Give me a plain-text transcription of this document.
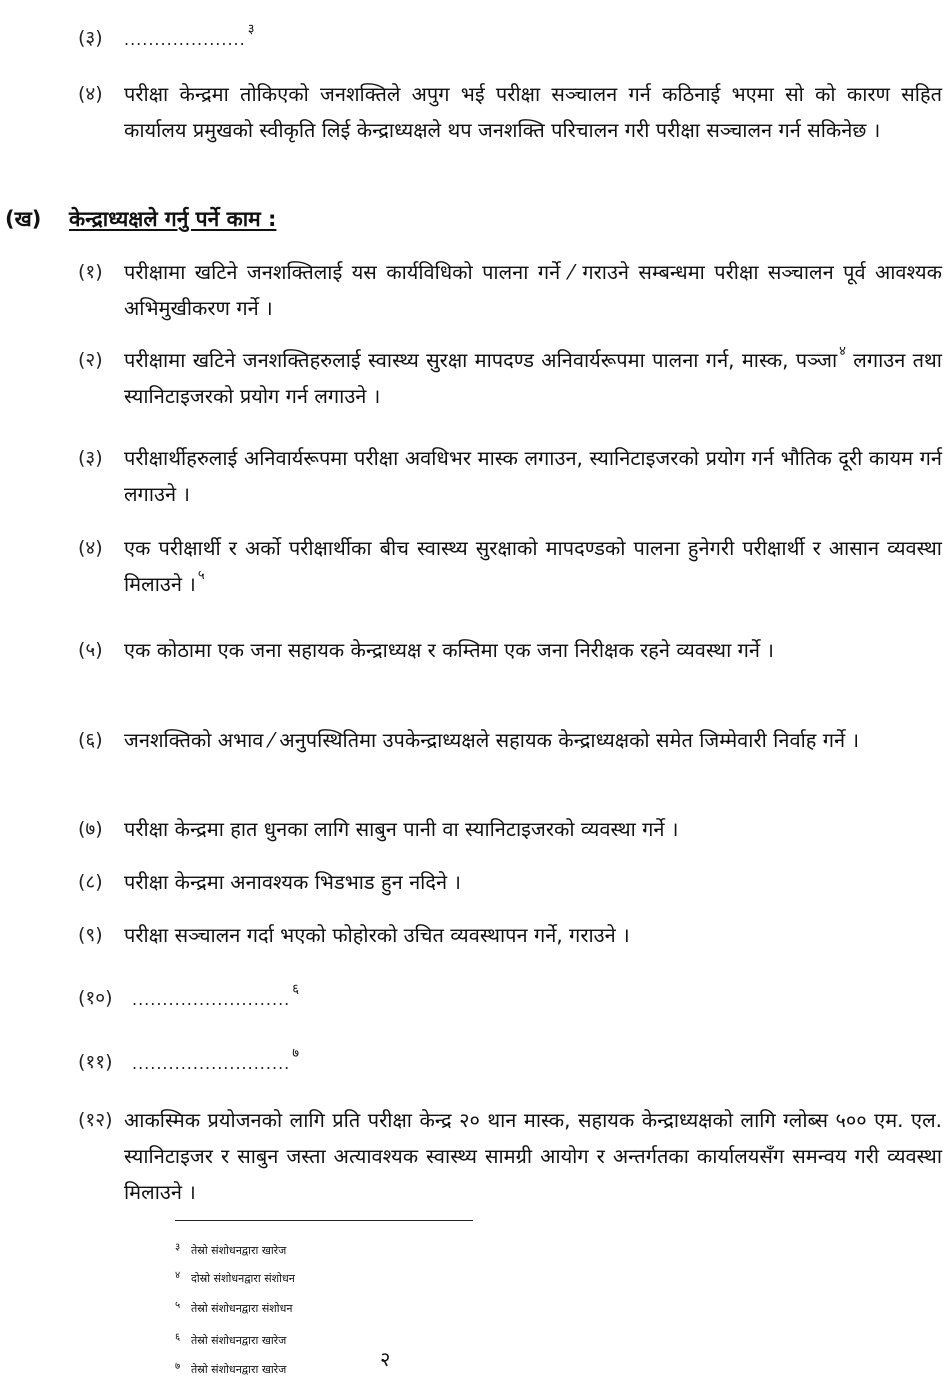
(३) ....................$^३$
(४) परीक्षा केन्द्रमा तोकिएको जनशक्तिले अपुग भई परीक्षा सञ्चालन गर्न कठिनाई भएमा सो को कारण सहित कार्यालय प्रमुखको स्वीकृति लिई केन्द्राध्यक्षले थप जनशक्ति परिचालन गरी परीक्षा सञ्चालन गर्न सकिनेछ ।
(ख) केन्द्राध्यक्षले गर्नु पर्ने काम :
(१) परीक्षामा खटिने जनशक्तिलाई यस कार्यविधिको पालना गर्ने ⁄ गराउने सम्बन्धमा परीक्षा सञ्चालन पूर्व आवश्यक अभिमुखीकरण गर्ने ।
(२) परीक्षामा खटिने जनशक्तिहरुलाई स्वास्थ्य सुरक्षा मापदण्ड अनिवार्यरूपमा पालना गर्न, मास्क, पञ्जा $^४$ लगाउन तथा स्यानिटाइजरको प्रयोग गर्न लगाउने ।
(३) परीक्षार्थीहरुलाई अनिवार्यरूपमा परीक्षा अवधिभर मास्क लगाउन, स्यानिटाइजरको प्रयोग गर्न भौतिक दूरी कायम गर्न लगाउने ।
(४) एक परीक्षार्थी र अर्को परीक्षार्थीका बीच स्वास्थ्य सुरक्षाको मापदण्डको पालना हुनेगरी परीक्षार्थी र आसान व्यवस्था मिलाउने । $^५$
(५) एक कोठामा एक जना सहायक केन्द्राध्यक्ष र कम्तिमा एक जना निरीक्षक रहने व्यवस्था गर्ने ।
(६) जनशक्तिको अभाव ⁄ अनुपस्थितिमा उपकेन्द्राध्यक्षले सहायक केन्द्राध्यक्षको समेत जिम्मेवारी निर्वाह गर्ने ।
(७) परीक्षा केन्द्रमा हात धुनका लागि साबुन पानी वा स्यानिटाइजरको व्यवस्था गर्ने ।
(८) परीक्षा केन्द्रमा अनावश्यक भिडभाड हुन नदिने ।
(९) परीक्षा सञ्चालन गर्दा भएको फोहोरको उचित व्यवस्थापन गर्ने, गराउने ।
(१०) ..........................$^६$
(११) ..........................$^७$
(१२) आकस्मिक प्रयोजनको लागि प्रति परीक्षा केन्द्र २० थान मास्क, सहायक केन्द्राध्यक्षको लागि ग्लोब्स ५०० एम. एल. स्यानिटाइजर र साबुन जस्ता अत्यावश्यक स्वास्थ्य सामग्री आयोग र अन्तर्गतका कार्यालयसँग समन्वय गरी व्यवस्था मिलाउने ।
३ तेस्रो संशोधनद्वारा खारेज
४ दोस्रो संशोधनद्वारा संशोधन
५ तेस्रो संशोधनद्वारा संशोधन
६ तेस्रो संशोधनद्वारा खारेज
७ तेस्रो संशोधनद्वारा खारेज	२
